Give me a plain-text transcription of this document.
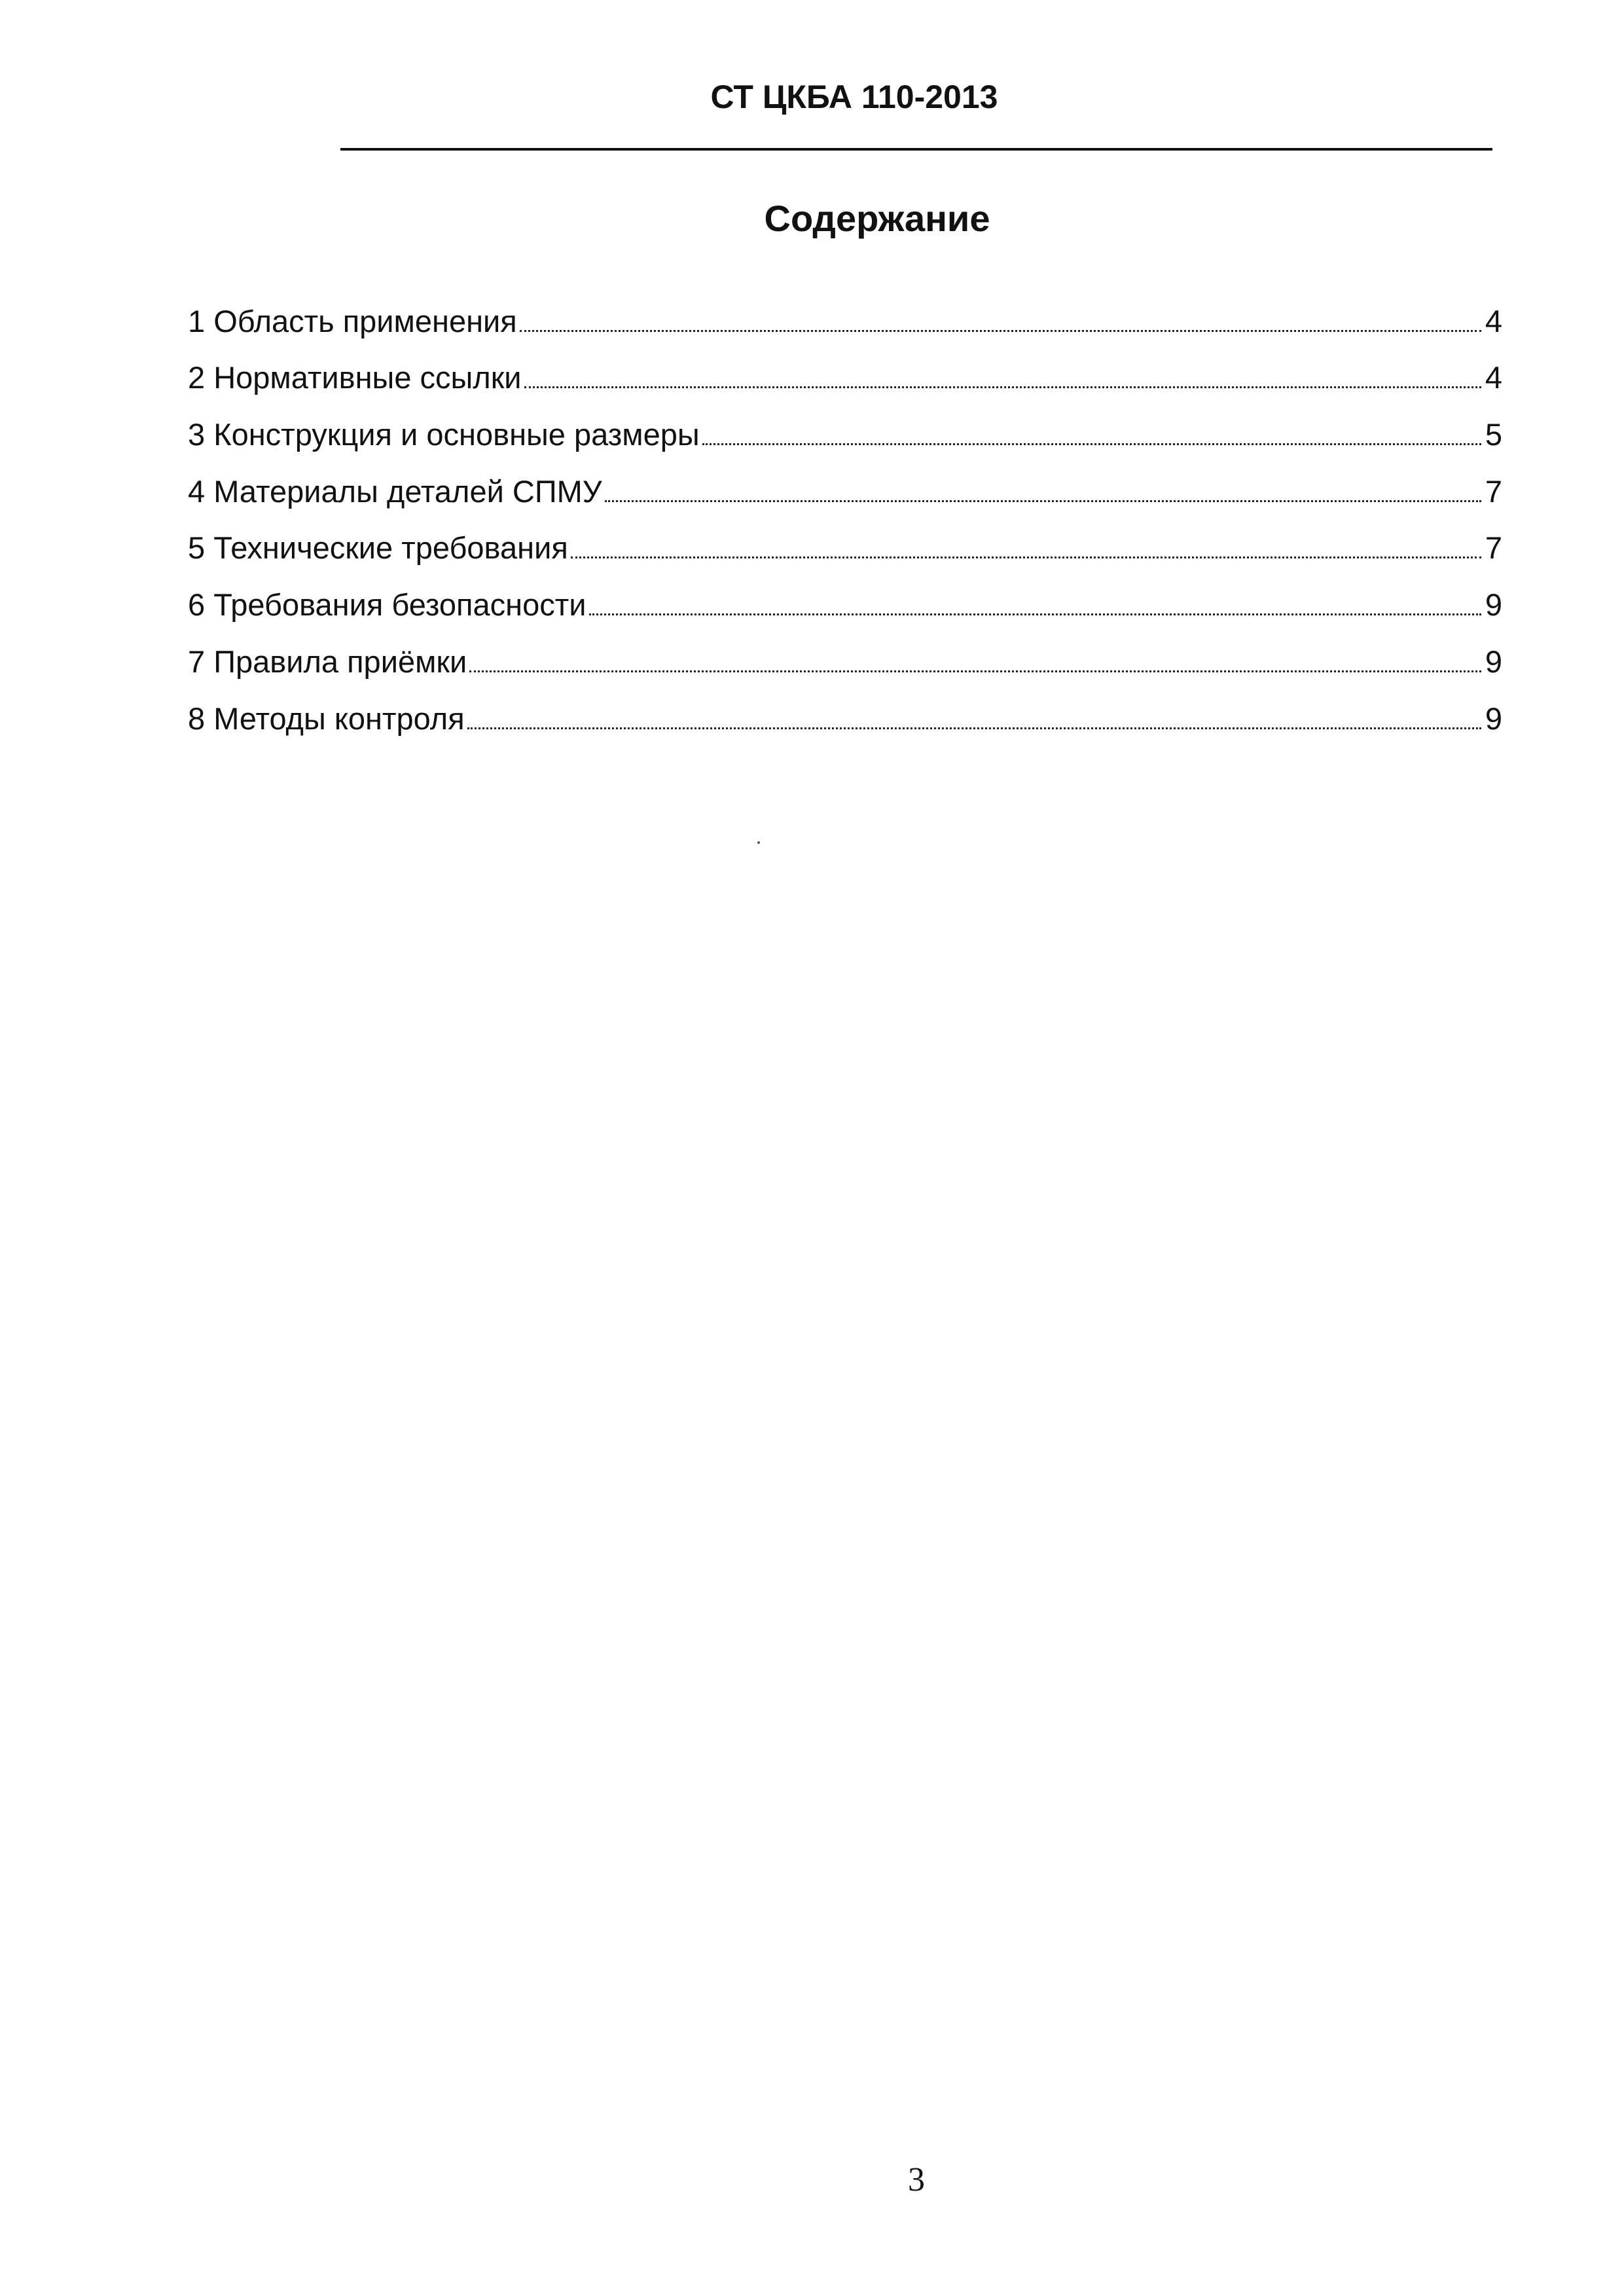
СТ ЦКБА 110-2013
Содержание
1 Область применения	4
2 Нормативные ссылки	4
3 Конструкция и основные размеры	5
4 Материалы деталей СПМУ	7
5 Технические требования	7
6 Требования безопасности	9
7 Правила приёмки	9
8 Методы контроля	9
3
